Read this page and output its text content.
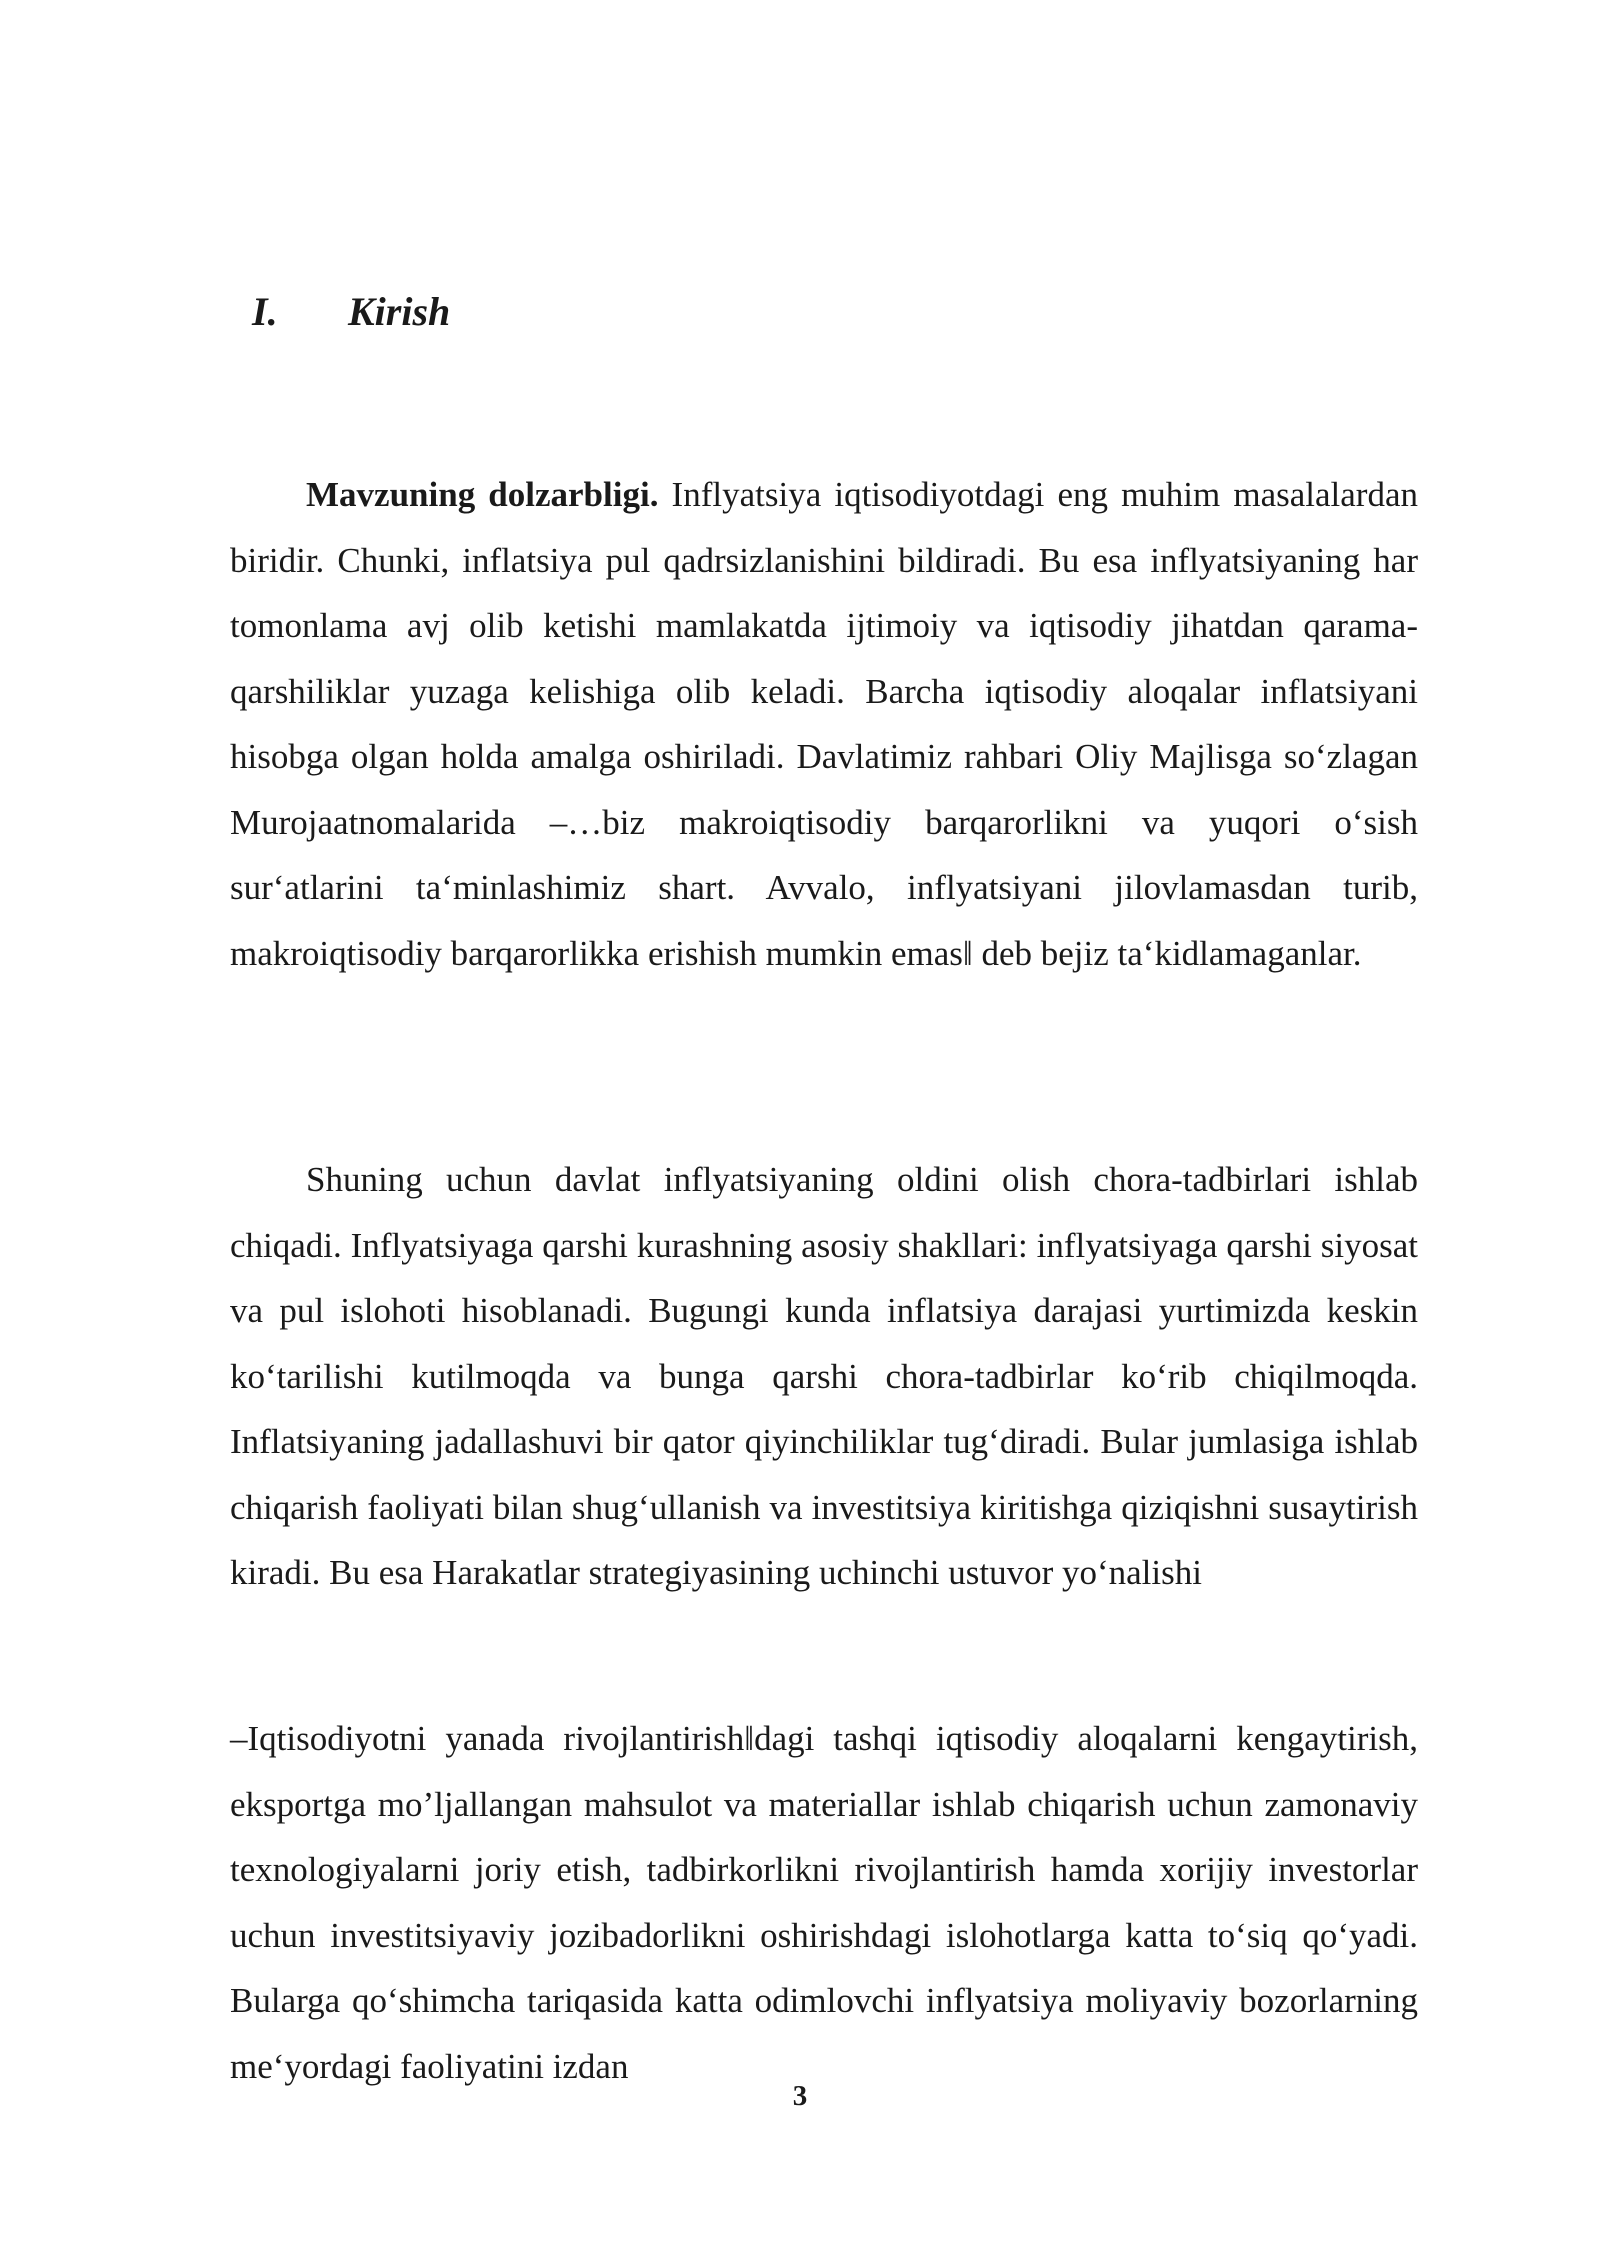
I. Kirish

Mavzuning dolzarbligi. Inflyatsiya iqtisodiyotdagi eng muhim masalalardan biridir. Chunki, inflatsiya pul qadrsizlanishini bildiradi. Bu esa inflyatsiyaning har tomonlama avj olib ketishi mamlakatda ijtimoiy va iqtisodiy jihatdan qarama- qarshiliklar yuzaga kelishiga olib keladi. Barcha iqtisodiy aloqalar inflatsiyani hisobga olgan holda amalga oshiriladi. Davlatimiz rahbari Oliy Majlisga so‘zlagan Murojaatnomalarida –…biz makroiqtisodiy barqarorlikni va yuqori o‘sish sur‘atlarini ta‘minlashimiz shart. Avvalo, inflyatsiyani jilovlamasdan turib, makroiqtisodiy barqarorlikka erishish mumkin emas‖ deb bejiz ta‘kidlamaganlar.

Shuning uchun davlat inflyatsiyaning oldini olish chora-tadbirlari ishlab chiqadi. Inflyatsiyaga qarshi kurashning asosiy shakllari: inflyatsiyaga qarshi siyosat va pul islohoti hisoblanadi. Bugungi kunda inflatsiya darajasi yurtimizda keskin ko‘tarilishi kutilmoqda va bunga qarshi chora-tadbirlar ko‘rib chiqilmoqda. Inflatsiyaning jadallashuvi bir qator qiyinchiliklar tug‘diradi. Bular jumlasiga ishlab chiqarish faoliyati bilan shug‘ullanish va investitsiya kiritishga qiziqishni susaytirish kiradi. Bu esa Harakatlar strategiyasining uchinchi ustuvor yo‘nalishi

–Iqtisodiyotni yanada rivojlantirish‖dagi tashqi iqtisodiy aloqalarni kengaytirish, eksportga mo’ljallangan mahsulot va materiallar ishlab chiqarish uchun zamonaviy texnologiyalarni joriy etish, tadbirkorlikni rivojlantirish hamda xorijiy investorlar uchun investitsiyaviy jozibadorlikni oshirishdagi islohotlarga katta to‘siq qo‘yadi. Bularga qo‘shimcha tariqasida katta odimlovchi inflyatsiya moliyaviy bozorlarning me‘yordagi faoliyatini izdan

3
